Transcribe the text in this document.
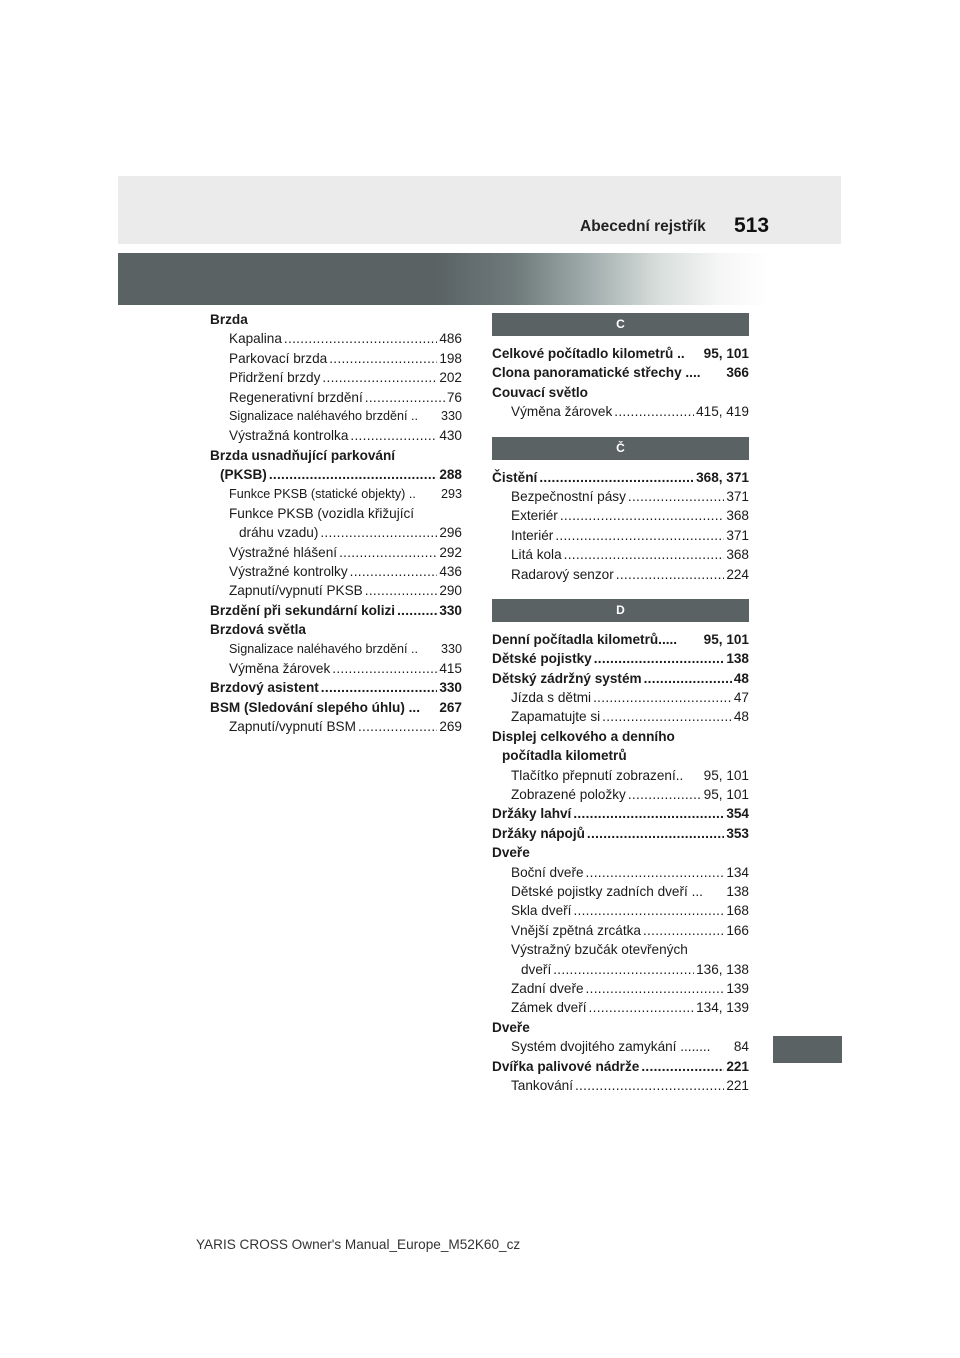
Abecední rejstřík 513
Brzda
Kapalina .....	486
Parkovací brzda .....	198
Přidržení brzdy .....	202
Regenerativní brzdění .....	76
Signalizace naléhavého brzdění .. 330
Výstražná kontrolka .....	430
Brzda usnadňující parkování
(PKSB) .....	288
Funkce PKSB (statické objekty) .. 293
Funkce PKSB (vozidla křižující
dráhu vzadu) .....	296
Výstražné hlášení .....	292
Výstražné kontrolky .....	436
Zapnutí/vypnutí PKSB .....	290
Brzdění při sekundární kolizi .....	330
Brzdová světla
Signalizace naléhavého brzdění .. 330
Výměna žárovek .....	415
Brzdový asistent .....	330
BSM (Sledování slepého úhlu) ... 267
Zapnutí/vypnutí BSM .....	269
C
Celkové počítadlo kilometrů .. 95, 101
Clona panoramatické střechy .... 366
Couvací světlo
Výměna žárovek .....	415, 419
Č
Čistění .....	368, 371
Bezpečnostní pásy .....	371
Exteriér .....	368
Interiér .....	371
Litá kola .....	368
Radarový senzor .....	224
D
Denní počítadla kilometrů..... 95, 101
Dětské pojistky .....	138
Dětský zádržný systém .....	48
Jízda s dětmi .....	47
Zapamatujte si .....	48
Displej celkového a denního
počítadla kilometrů
Tlačítko přepnutí zobrazení.. 95, 101
Zobrazené položky .....	95, 101
Držáky lahví .....	354
Držáky nápojů .....	353
Dveře
Boční dveře .....	134
Dětské pojistky zadních dveří ... 138
Skla dveří .....	168
Vnější zpětná zrcátka .....	166
Výstražný bzučák otevřených
dveří .....	136, 138
Zadní dveře .....	139
Zámek dveří .....	134, 139
Dveře
Systém dvojitého zamykání ........ 84
Dvířka palivové nádrže .....	221
Tankování .....	221
YARIS CROSS Owner's Manual_Europe_M52K60_cz
